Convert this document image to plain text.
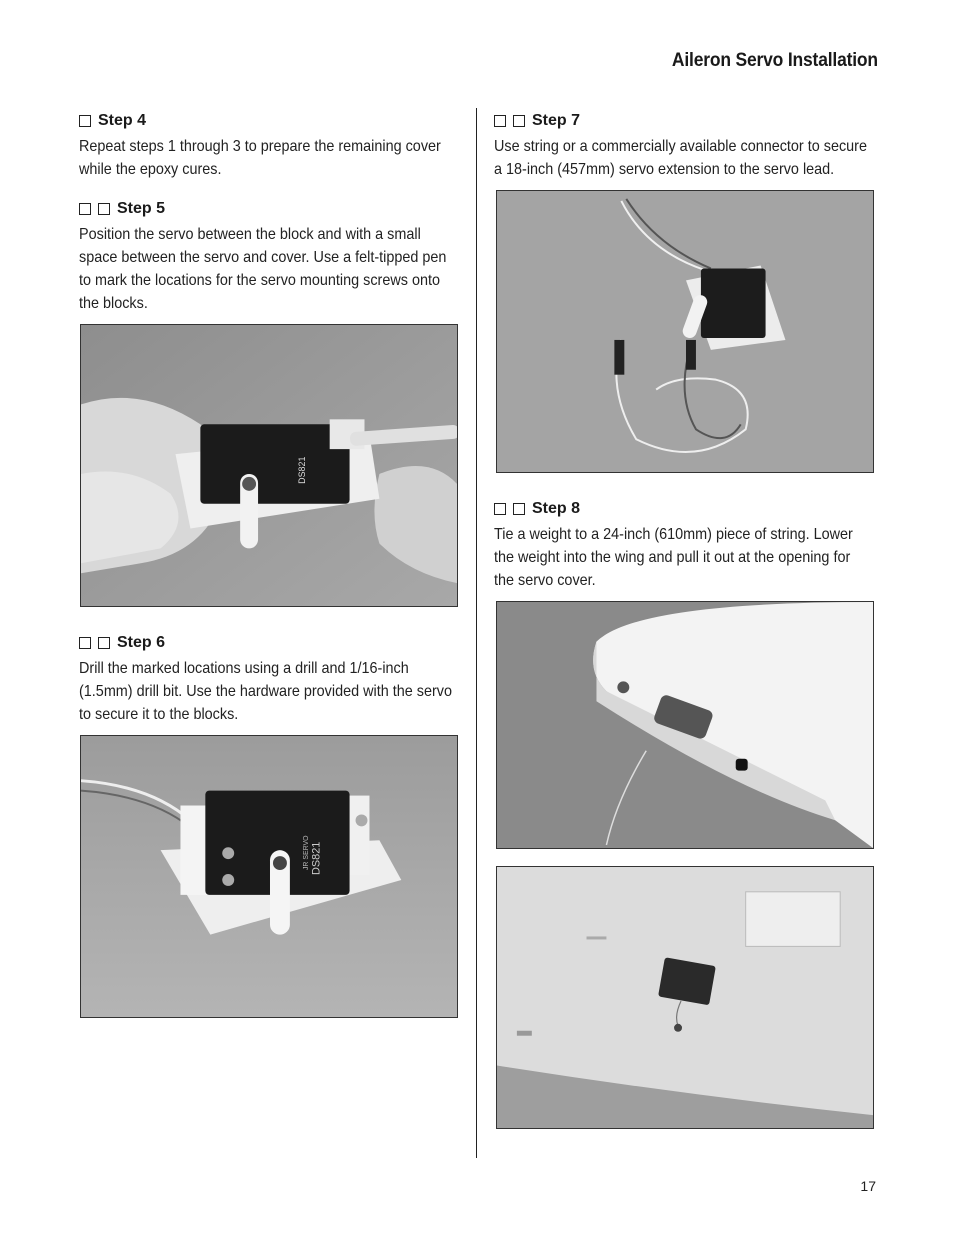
Aileron Servo Installation
Step 4

Repeat steps 1 through 3 to prepare the remaining cover while the epoxy cures.

Step 5

Position the servo between the block and with a small space between the servo and cover. Use a felt-tipped pen to mark the locations for the servo mounting screws onto the blocks.

DS821
Step 6

Drill the marked locations using a drill and 1/16-inch (1.5mm) drill bit. Use the hardware provided with the servo to secure it to the blocks.

DS821
JR SERVO
Step 7

Use string or a commercially available connector to secure a 18-inch (457mm) servo extension to the servo lead.

Step 8

Tie a weight to a 24-inch (610mm) piece of string. Lower the weight into the wing and pull it out at the opening for the servo cover.

17
